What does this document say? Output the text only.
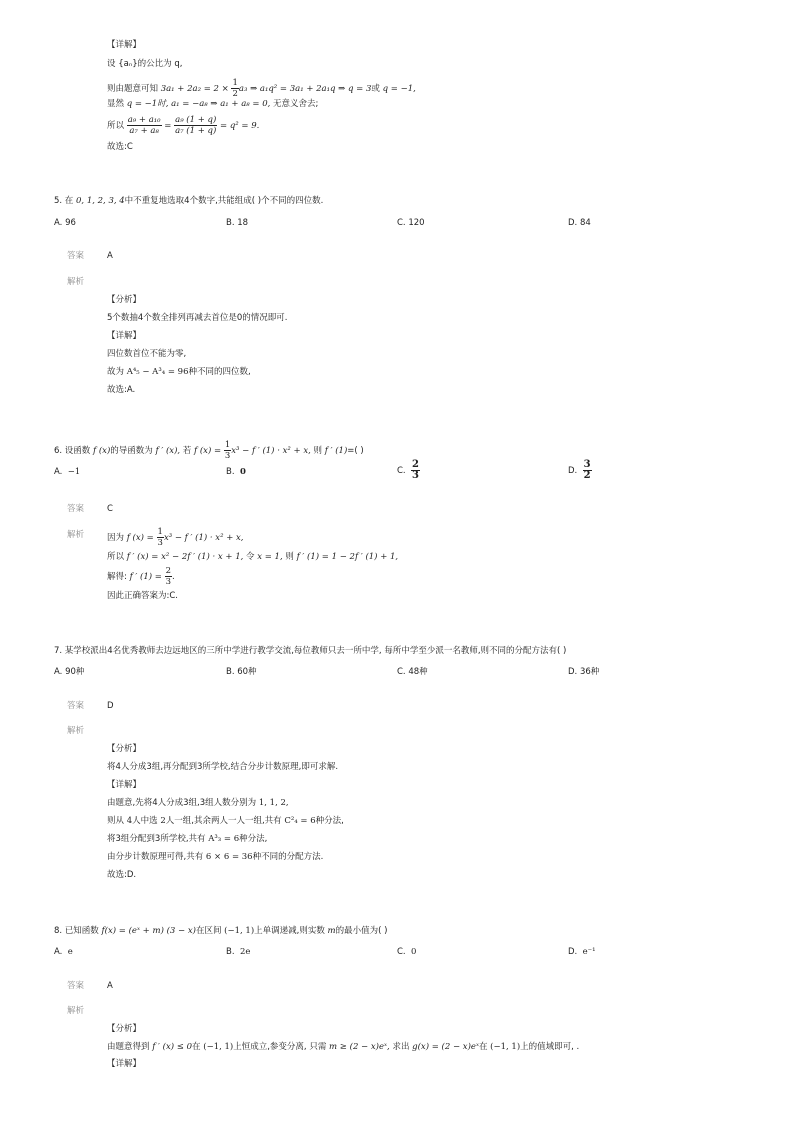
【详解】
设 {aₙ}的公比为 q,
则由题意可知 $3a_1 + 2a_2 = 2 \times \frac{1}{2} a_3$ ⇒ a₁q² = 3a₁ + 2a₁q ⇒ q = 3或 q = −1,
显然 q = −1时, a₁ = −a₈ ⇒ a₁ + a₈ = 0, 无意义舍去;
所以 $\frac{\text{a₉ + a₁₀}}{\text{a₇ + a₈}} = \frac{\text{a₉ (1 + q)}}{\text{a₇ (1 + q)}} = q^2 = 9$.
故选:C
5. 在 0, 1, 2, 3, 4中不重复地选取4个数字,共能组成( )个不同的四位数.
A. 96	B. 18	C. 120	D. 84
答案	A
解析
【分析】
5个数抽4个数全排列再减去首位是0的情况即可.
【详解】
四位数首位不能为零,
故为 A⁴₅ − A³₄ = 96种不同的四位数,
故选:A.
6. 设函数 f (x)的导函数为 f ′ (x), 若 f $(x) = \frac{1}{3} x^3 - f$ ′ (1) · x² + x, 则 f ′ (1)=( )
A. −1	B. 0	C. $\frac{2}{3}$	D. $\frac{3}{2}$
答案	C
解析	因为 f $(x) = \frac{1}{3} x^3 - f$ ′ (1) · x² + x,
所以 f ′ (x) = x² − 2f ′ (1) · x + 1, 令 x = 1, 则 f ′ (1) = 1 − 2f ′ (1) + 1,
解得: f ′ $(1) = \frac{2}{3}$ .
因此正确答案为:C.
7. 某学校派出4名优秀教师去边远地区的三所中学进行教学交流,每位教师只去一所中学, 每所中学至少派一名教师,则不同的分配方法有( )
A. 90种	B. 60种	C. 48种	D. 36种
答案	D
解析
【分析】
将4人分成3组,再分配到3所学校,结合分步计数原理,即可求解.
【详解】
由题意,先将4人分成3组,3组人数分别为 1, 1, 2,
则从 4人中选 2人一组,其余两人一人一组,共有 C²₄ = 6种分法,
将3组分配到3所学校,共有 A³₃ = 6种分法,
由分步计数原理可得,共有 6 × 6 = 36种不同的分配方法.
故选:D.
8. 已知函数 f(x) = (eˣ + m) (3 − x)在区间 (−1, 1)上单调递减,则实数 m的最小值为( )
A. e	B. 2e	C. 0	D. e⁻¹
答案	A
解析
【分析】
由题意得到 f ′ (x) ≤ 0在 (−1, 1)上恒成立,参变分离, 只需 m ≥ (2 − x)eˣ, 求出 g(x) = (2 − x)eˣ在 (−1, 1)上的值域即可, .
【详解】
